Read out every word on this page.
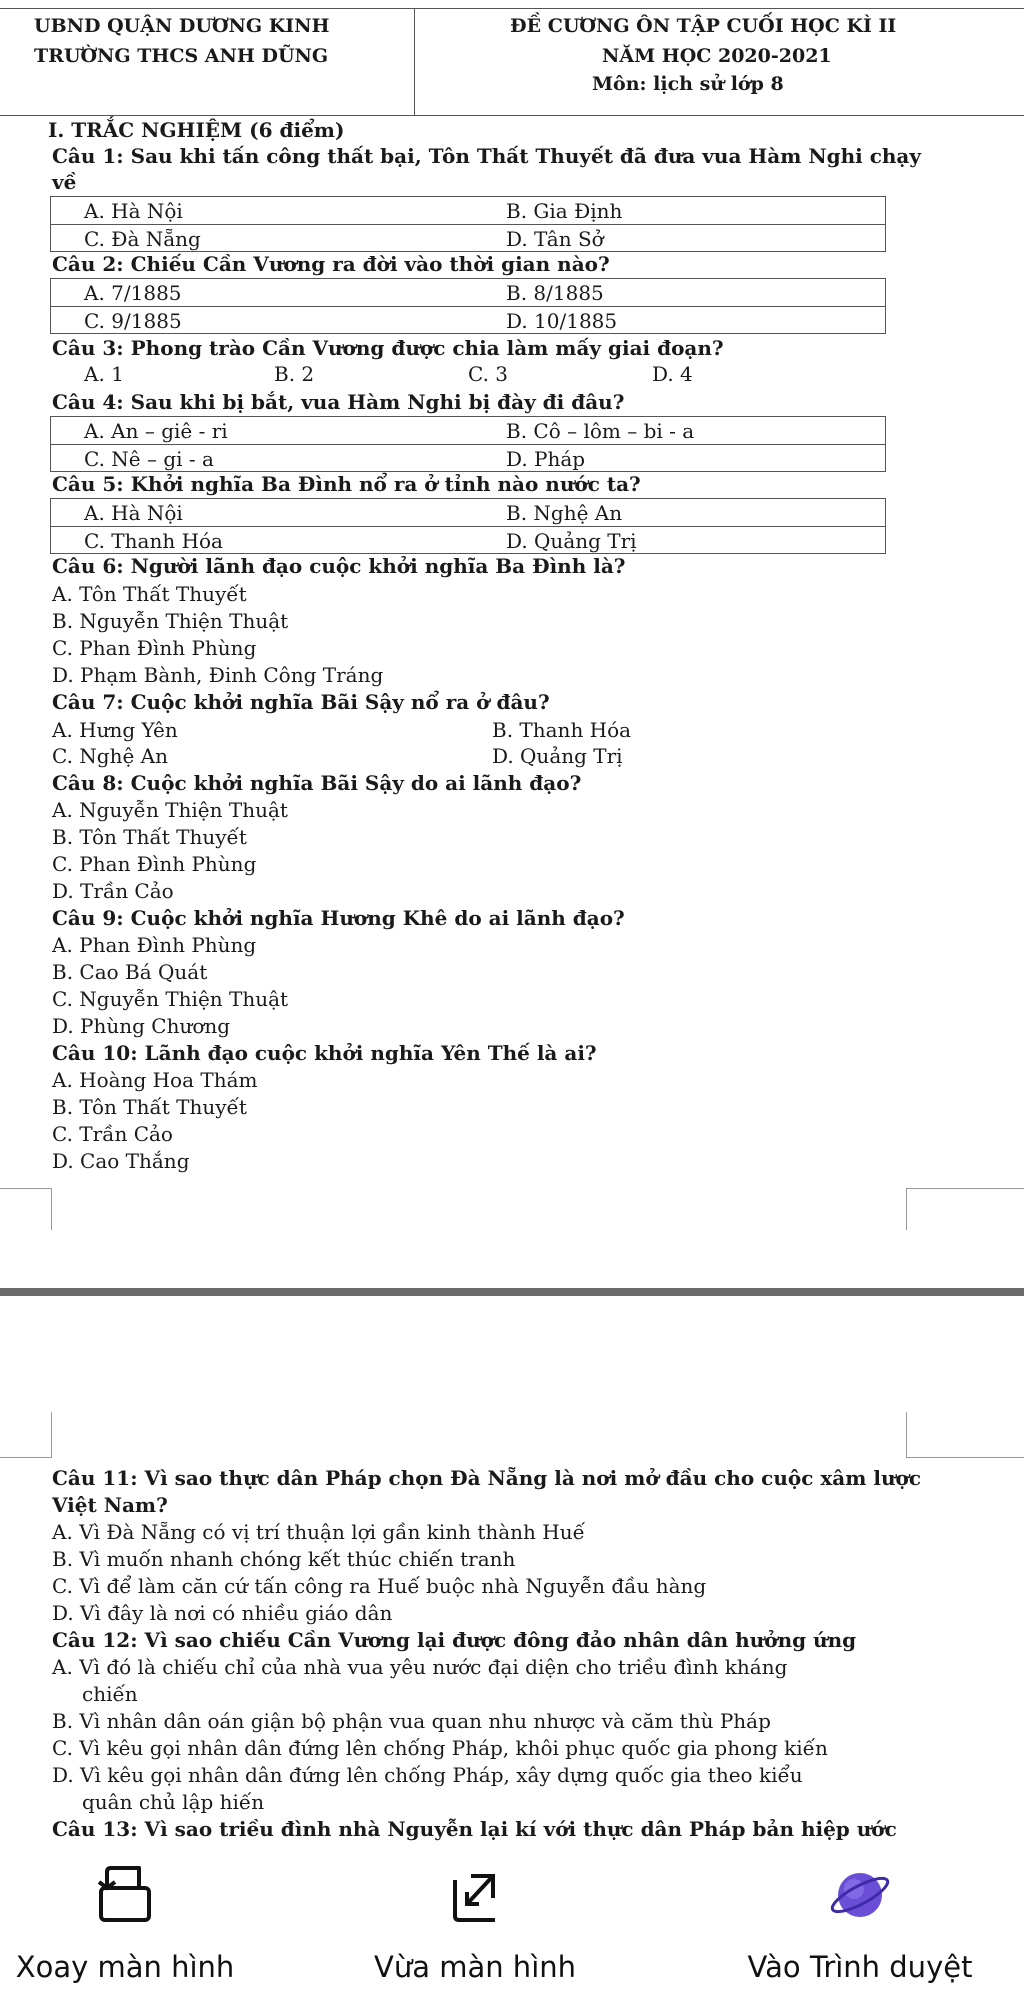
UBND QUẬN DƯƠNG KINH
TRƯỜNG THCS ANH DŨNG
ĐỀ CƯƠNG ÔN TẬP CUỐI HỌC KÌ II
NĂM HỌC 2020-2021
Môn: lịch sử lớp 8
I. TRẮC NGHIỆM (6 điểm)
Câu 1: Sau khi tấn công thất bại, Tôn Thất Thuyết đã đưa vua Hàm Nghi chạy
về
A. Hà Nội	B. Gia Định
C. Đà Nẵng	D. Tân Sở
Câu 2: Chiếu Cần Vương ra đời vào thời gian nào?
A. 7/1885	B. 8/1885
C. 9/1885	D. 10/1885
Câu 3: Phong trào Cần Vương được chia làm mấy giai đoạn?
A. 1	B. 2	C. 3	D. 4
Câu 4: Sau khi bị bắt, vua Hàm Nghi bị đày đi đâu?
A. An – giê - ri	B. Cô – lôm – bi - a
C. Nê – gi - a	D. Pháp
Câu 5: Khởi nghĩa Ba Đình nổ ra ở tỉnh nào nước ta?
A. Hà Nội	B. Nghệ An
C. Thanh Hóa	D. Quảng Trị
Câu 6: Người lãnh đạo cuộc khởi nghĩa Ba Đình là?
A. Tôn Thất Thuyết
B. Nguyễn Thiện Thuật
C. Phan Đình Phùng
D. Phạm Bành, Đinh Công Tráng
Câu 7: Cuộc khởi nghĩa Bãi Sậy nổ ra ở đâu?
A. Hưng Yên	B. Thanh Hóa
C. Nghệ An	D. Quảng Trị
Câu 8: Cuộc khởi nghĩa Bãi Sậy do ai lãnh đạo?
A. Nguyễn Thiện Thuật
B. Tôn Thất Thuyết
C. Phan Đình Phùng
D. Trần Cảo
Câu 9: Cuộc khởi nghĩa Hương Khê do ai lãnh đạo?
A. Phan Đình Phùng
B. Cao Bá Quát
C. Nguyễn Thiện Thuật
D. Phùng Chương
Câu 10: Lãnh đạo cuộc khởi nghĩa Yên Thế là ai?
A. Hoàng Hoa Thám
B. Tôn Thất Thuyết
C. Trần Cảo
D. Cao Thắng
Câu 11: Vì sao thực dân Pháp chọn Đà Nẵng là nơi mở đầu cho cuộc xâm lược
Việt Nam?
A. Vì Đà Nẵng có vị trí thuận lợi gần kinh thành Huế
B. Vì muốn nhanh chóng kết thúc chiến tranh
C. Vì để làm căn cứ tấn công ra Huế buộc nhà Nguyễn đầu hàng
D. Vì đây là nơi có nhiều giáo dân
Câu 12: Vì sao chiếu Cần Vương lại được đông đảo nhân dân hưởng ứng
A. Vì đó là chiếu chỉ của nhà vua yêu nước đại diện cho triều đình kháng
chiến
B. Vì nhân dân oán giận bộ phận vua quan nhu nhược và căm thù Pháp
C. Vì kêu gọi nhân dân đứng lên chống Pháp, khôi phục quốc gia phong kiến
D. Vì kêu gọi nhân dân đứng lên chống Pháp, xây dựng quốc gia theo kiểu
quân chủ lập hiến
Câu 13: Vì sao triều đình nhà Nguyễn lại kí với thực dân Pháp bản hiệp ước
Xoay màn hình	Vừa màn hình	Vào Trình duyệt
